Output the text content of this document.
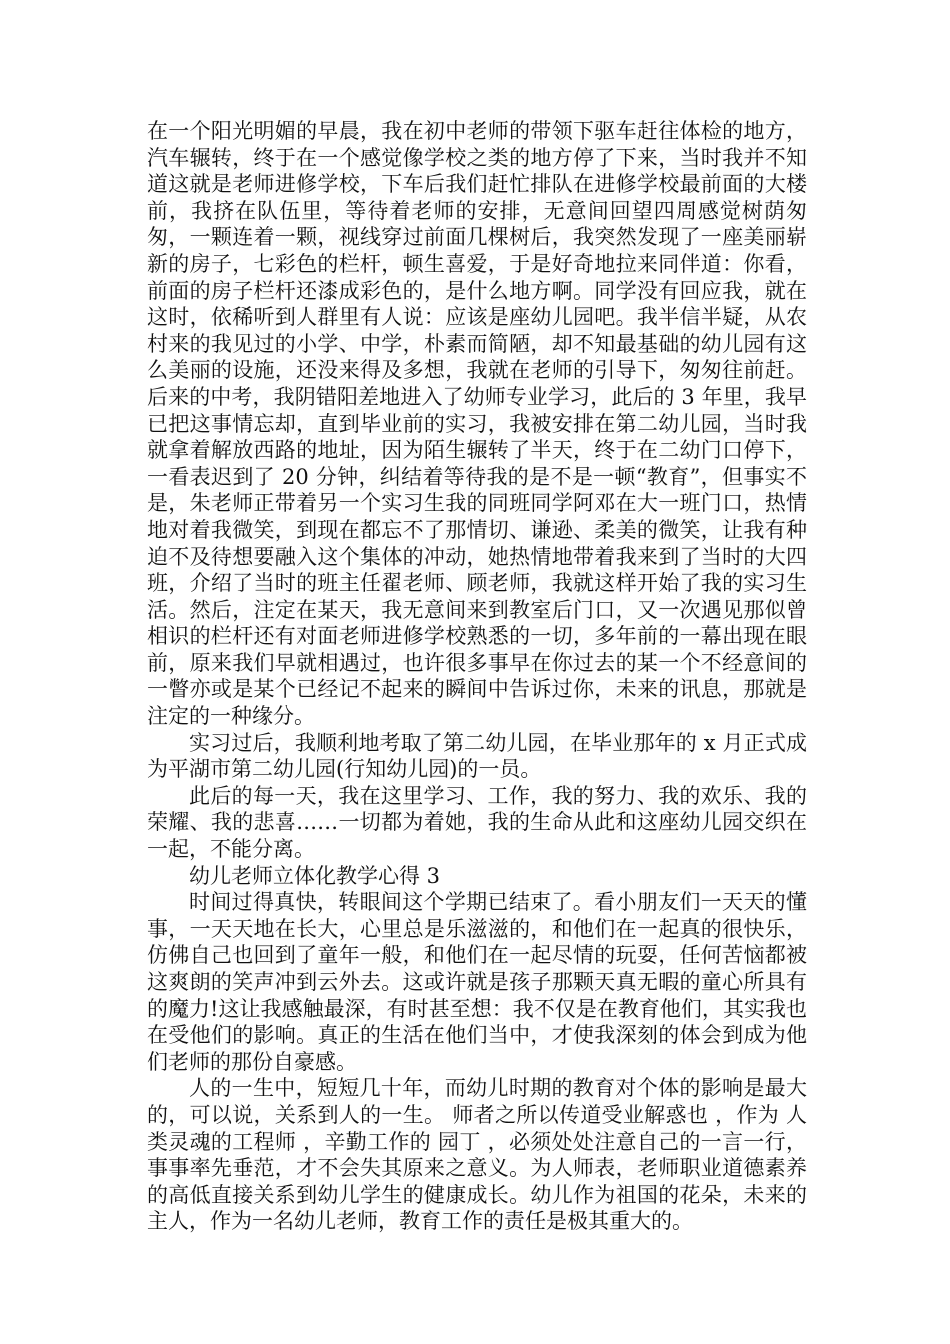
在一个阳光明媚的早晨，我在初中老师的带领下驱车赶往体检的地方，汽车辗转，终于在一个感觉像学校之类的地方停了下来，当时我并不知道这就是老师进修学校，下车后我们赶忙排队在进修学校最前面的大楼前，我挤在队伍里，等待着老师的安排，无意间回望四周感觉树荫匆匆，一颗连着一颗，视线穿过前面几棵树后，我突然发现了一座美丽崭新的房子，七彩色的栏杆，顿生喜爱，于是好奇地拉来同伴道：你看，前面的房子栏杆还漆成彩色的，是什么地方啊。同学没有回应我，就在这时，依稀听到人群里有人说：应该是座幼儿园吧。我半信半疑，从农村来的我见过的小学、中学，朴素而简陋，却不知最基础的幼儿园有这么美丽的设施，还没来得及多想，我就在老师的引导下，匆匆往前赶。后来的中考，我阴错阳差地进入了幼师专业学习，此后的 3 年里，我早已把这事情忘却，直到毕业前的实习，我被安排在第二幼儿园，当时我就拿着解放西路的地址，因为陌生辗转了半天，终于在二幼门口停下，一看表迟到了 20 分钟，纠结着等待我的是不是一顿“教育”，但事实不是，朱老师正带着另一个实习生我的同班同学阿邓在大一班门口，热情地对着我微笑，到现在都忘不了那情切、谦逊、柔美的微笑，让我有种迫不及待想要融入这个集体的冲动，她热情地带着我来到了当时的大四班，介绍了当时的班主任翟老师、顾老师，我就这样开始了我的实习生活。然后，注定在某天，我无意间来到教室后门口，又一次遇见那似曾相识的栏杆还有对面老师进修学校熟悉的一切，多年前的一幕出现在眼前，原来我们早就相遇过，也许很多事早在你过去的某一个不经意间的一瞥亦或是某个已经记不起来的瞬间中告诉过你，未来的讯息，那就是注定的一种缘分。

实习过后，我顺利地考取了第二幼儿园，在毕业那年的 x 月正式成为平湖市第二幼儿园(行知幼儿园)的一员。

此后的每一天，我在这里学习、工作，我的努力、我的欢乐、我的荣耀、我的悲喜……一切都为着她，我的生命从此和这座幼儿园交织在一起，不能分离。

幼儿老师立体化教学心得 3

时间过得真快，转眼间这个学期已结束了。看小朋友们一天天的懂事，一天天地在长大，心里总是乐滋滋的，和他们在一起真的很快乐，仿佛自己也回到了童年一般，和他们在一起尽情的玩耍，任何苦恼都被这爽朗的笑声冲到云外去。这或许就是孩子那颗天真无暇的童心所具有的魔力!这让我感触最深，有时甚至想：我不仅是在教育他们，其实我也在受他们的影响。真正的生活在他们当中，才使我深刻的体会到成为他们老师的那份自豪感。

人的一生中，短短几十年，而幼儿时期的教育对个体的影响是最大的，可以说，关系到人的一生。 师者之所以传道受业解惑也 ，作为 人类灵魂的工程师 ，辛勤工作的 园丁 ，必须处处注意自己的一言一行，事事率先垂范，才不会失其原来之意义。为人师表，老师职业道德素养的高低直接关系到幼儿学生的健康成长。幼儿作为祖国的花朵，未来的主人，作为一名幼儿老师，教育工作的责任是极其重大的。
